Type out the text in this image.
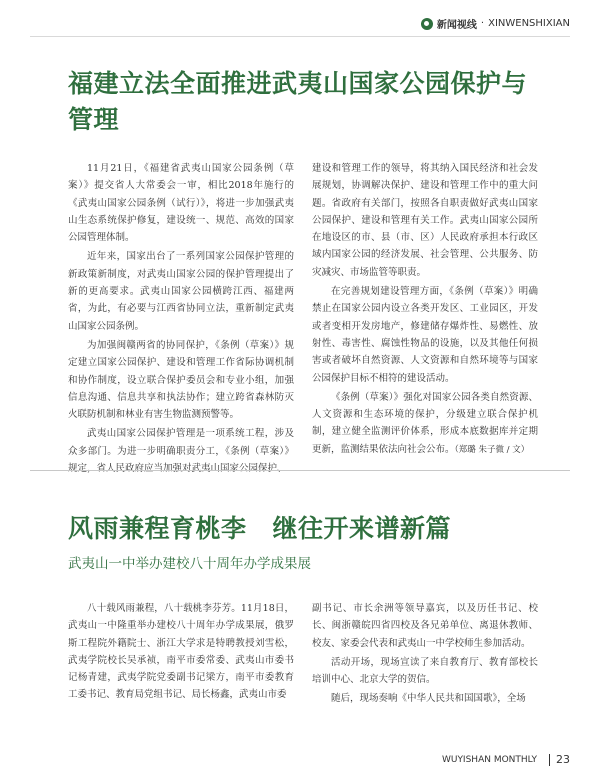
新闻视线 · XINWENSHIXIAN
福建立法全面推进武夷山国家公园保护与管理

11月21日，《福建省武夷山国家公园条例（草案）》提交省人大常委会一审，相比2018年施行的《武夷山国家公园条例（试行）》，将进一步加强武夷山生态系统保护修复，建设统一、规范、高效的国家公园管理体制。

近年来，国家出台了一系列国家公园保护管理的新政策新制度，对武夷山国家公园的保护管理提出了新的更高要求。武夷山国家公园横跨江西、福建两省，为此，有必要与江西省协同立法，重新制定武夷山国家公园条例。

为加强闽赣两省的协同保护，《条例（草案）》规定建立国家公园保护、建设和管理工作省际协调机制和协作制度，设立联合保护委员会和专业小组，加强信息沟通、信息共享和执法协作；建立跨省森林防灭火联防机制和林业有害生物监测预警等。

武夷山国家公园保护管理是一项系统工程，涉及众多部门。为进一步明确职责分工，《条例（草案）》规定，省人民政府应当加强对武夷山国家公园保护、

建设和管理工作的领导，将其纳入国民经济和社会发展规划，协调解决保护、建设和管理工作中的重大问题。省政府有关部门，按照各自职责做好武夷山国家公园保护、建设和管理有关工作。武夷山国家公园所在地设区的市、县（市、区）人民政府承担本行政区域内国家公园的经济发展、社会管理、公共服务、防灾减灾、市场监管等职责。

在完善规划建设管理方面，《条例（草案）》明确禁止在国家公园内设立各类开发区、工业园区，开发或者变相开发房地产，修建储存爆炸性、易燃性、放射性、毒害性、腐蚀性物品的设施，以及其他任何损害或者破坏自然资源、人文资源和自然环境等与国家公园保护目标不相符的建设活动。

《条例（草案）》强化对国家公园各类自然资源、人文资源和生态环境的保护，分级建立联合保护机制，建立健全监测评价体系，形成本底数据库并定期更新，监测结果依法向社会公布。（郑璐 朱子微 / 文）

风雨兼程育桃李 继往开来谱新篇
武夷山一中举办建校八十周年办学成果展

八十载风雨兼程，八十载桃李芬芳。11月18日，武夷山一中隆重举办建校八十周年办学成果展，俄罗斯工程院外籍院士、浙江大学求是特聘教授刘雪松，武夷学院校长吴承祯，南平市委常委、武夷山市委书记杨青建，武夷学院党委副书记梁方，南平市委教育工委书记、教育局党组书记、局长杨鑫，武夷山市委

副书记、市长余洲等领导嘉宾，以及历任书记、校长、闽浙赣皖四省四校及各兄弟单位、离退休教师、校友、家委会代表和武夷山一中学校师生参加活动。

活动开场，现场宣读了来自教育厅、教育部校长培训中心、北京大学的贺信。

随后，现场奏响《中华人民共和国国歌》，全场

WUYISHAN MONTHLY 23
